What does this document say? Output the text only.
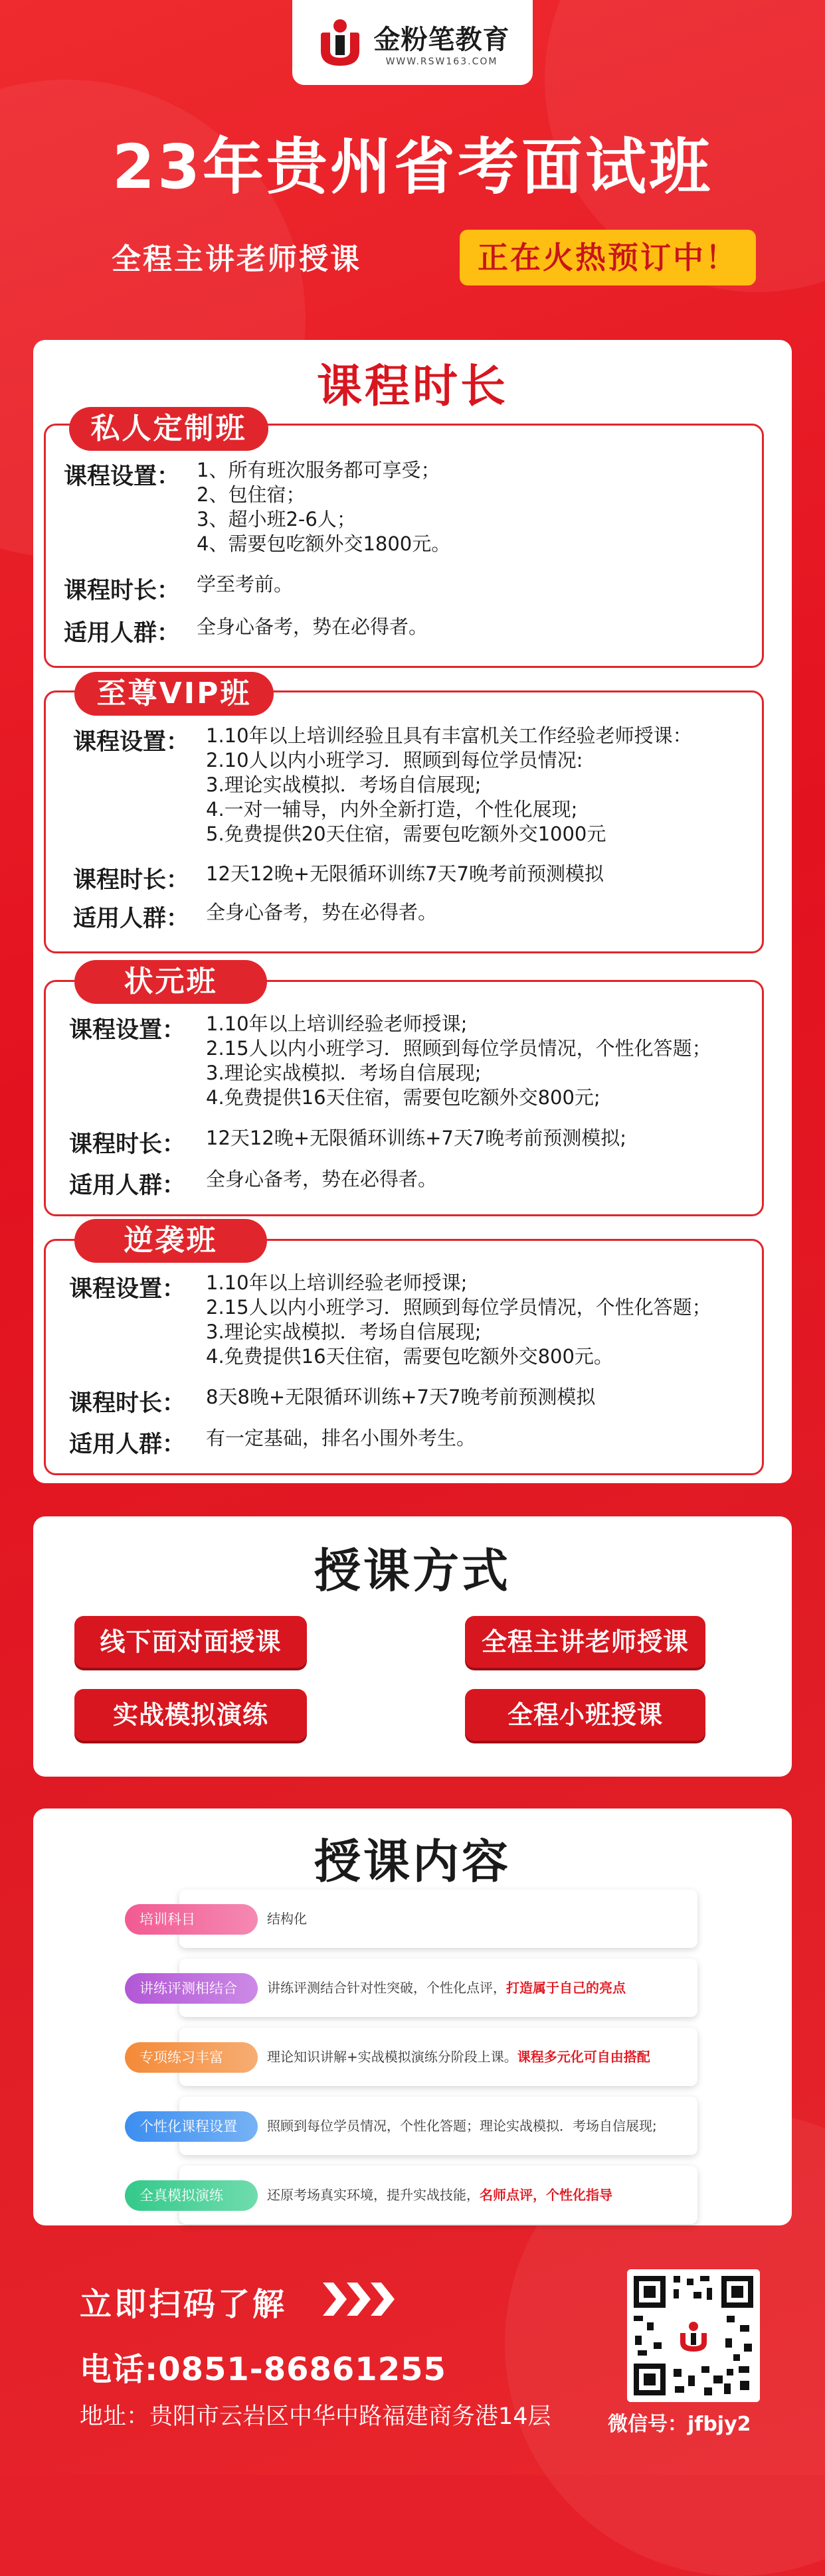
金粉笔教育
WWW.RSW163.COM
23年贵州省考面试班
全程主讲老师授课	正在火热预订中！
课程时长
私人定制班
课程设置： 1、所有班次服务都可享受；
2、包住宿；
3、超小班2-6人；
4、需要包吃额外交1800元。
课程时长： 学至考前。
适用人群： 全身心备考，势在必得者。
至尊VIP班
课程设置： 1.10年以上培训经验且具有丰富机关工作经验老师授课：
2.10人以内小班学习．照顾到每位学员情况:
3.理论实战模拟．考场自信展现;
4.一对一辅导，内外全新打造，个性化展现;
5.免费提供20天住宿，需要包吃额外交1000元
课程时长： 12天12晚+无限循环训练7天7晚考前预测模拟
适用人群： 全身心备考，势在必得者。
状元班
课程设置：	1.10年以上培训经验老师授课;
2.15人以内小班学习．照顾到每位学员情况，个性化答题；
3.理论实战模拟．考场自信展现;
4.免费提供16天住宿，需要包吃额外交800元;
课程时长：	12天12晚+无限循环训练+7天7晚考前预测模拟;
适用人群：	全身心备考，势在必得者。
逆袭班
课程设置：	1.10年以上培训经验老师授课;
2.15人以内小班学习．照顾到每位学员情况，个性化答题；
3.理论实战模拟．考场自信展现;
4.免费提供16天住宿，需要包吃额外交800元。
课程时长：	8天8晚+无限循环训练+7天7晚考前预测模拟
适用人群：	有一定基础，排名小围外考生。
授课方式
线下面对面授课	全程主讲老师授课
实战模拟演练	全程小班授课
授课内容
培训科目	结构化
讲练评测相结合	讲练评测结合针对性突破，个性化点评，打造属于自己的亮点
专项练习丰富	理论知识讲解+实战模拟演练分阶段上课。课程多元化可自由搭配
个性化课程设置	照顾到每位学员情况，个性化答题；理论实战模拟．考场自信展现;
全真模拟演练	还原考场真实环境，提升实战技能，名师点评，个性化指导
立即扫码了解
电话:0851-86861255
地址：贵阳市云岩区中华中路福建商务港14层	微信号：jfbjy2
